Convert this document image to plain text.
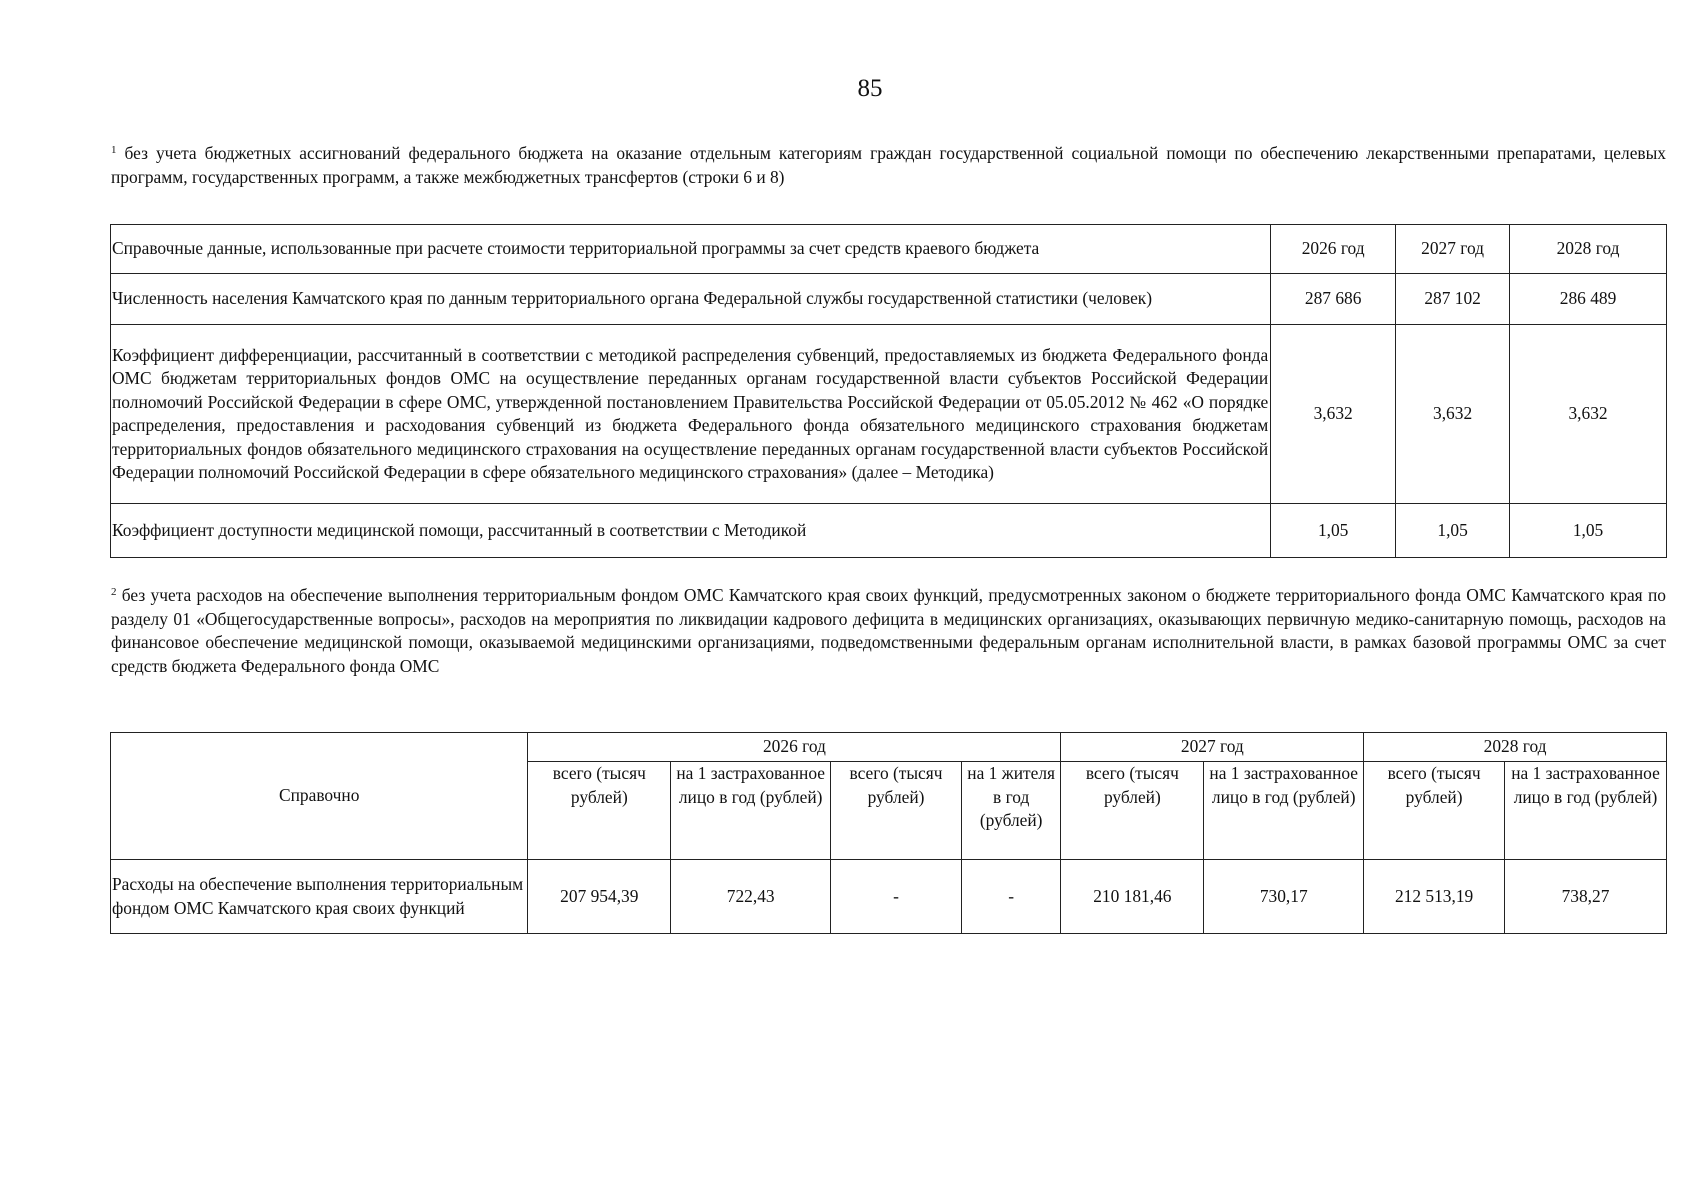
85
$^1$ без учета бюджетных ассигнований федерального бюджета на оказание отдельным категориям граждан государственной социальной помощи по обеспечению лекарственными препаратами, целевых программ, государственных программ, а также межбюджетных трансфертов (строки 6 и 8)
Справочные данные, использованные при расчете стоимости территориальной программы за счет средств краевого бюджета	2026 год	2027 год	2028 год
Численность населения Камчатского края по данным территориального органа Федеральной службы государственной статистики (человек)	287 686	287 102	286 489
Коэффициент дифференциации, рассчитанный в соответствии с методикой распределения субвенций, предоставляемых из бюджета Федерального фонда ОМС бюджетам территориальных фондов ОМС на осуществление переданных органам государственной власти субъектов Российской Федерации полномочий Российской Федерации в сфере ОМС, утвержденной постановлением Правительства Российской Федерации от 05.05.2012 № 462 «О порядке распределения, предоставления и расходования субвенций из бюджета Федерального фонда обязательного медицинского страхования бюджетам территориальных фондов обязательного медицинского страхования на осуществление переданных органам государственной власти субъектов Российской Федерации полномочий Российской Федерации в сфере обязательного медицинского страхования» (далее – Методика)	3,632	3,632	3,632
Коэффициент доступности медицинской помощи, рассчитанный в соответствии с Методикой	1,05	1,05	1,05
$^2$ без учета расходов на обеспечение выполнения территориальным фондом ОМС Камчатского края своих функций, предусмотренных законом о бюджете территориального фонда ОМС Камчатского края по разделу 01 «Общегосударственные вопросы», расходов на мероприятия по ликвидации кадрового дефицита в медицинских организациях, оказывающих первичную медико-санитарную помощь, расходов на финансовое обеспечение медицинской помощи, оказываемой медицинскими организациями, подведомственными федеральным органам исполнительной власти, в рамках базовой программы ОМС за счет средств бюджета Федерального фонда ОМС
Справочно	2026 год				2027 год		2028 год	
	всего (тысяч рублей)	на 1 застрахованное лицо в год (рублей)	всего (тысяч рублей)	на 1 жителя в год (рублей)	всего (тысяч рублей)	на 1 застрахованное лицо в год (рублей)	всего (тысяч рублей)	на 1 застрахованное лицо в год (рублей)
Расходы на обеспечение выполнения территориальным фондом ОМС Камчатского края своих функций	207 954,39	722,43	-	-	210 181,46	730,17	212 513,19	738,27
